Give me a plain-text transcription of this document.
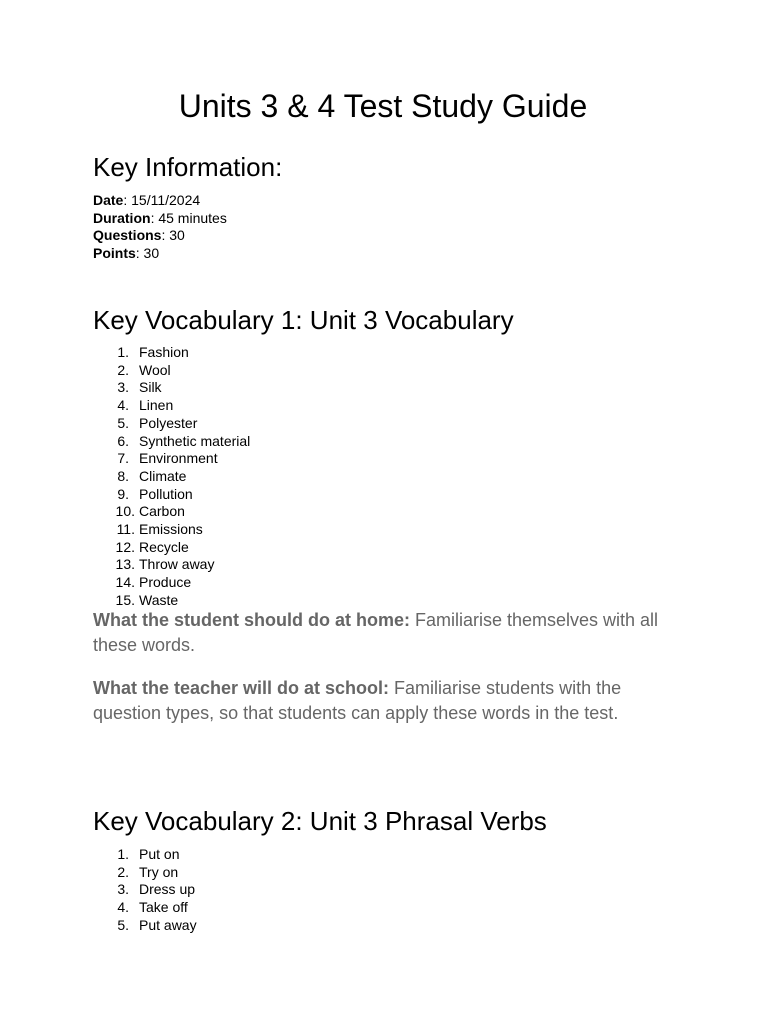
Units 3 & 4 Test Study Guide
Key Information:
Date: 15/11/2024
Duration: 45 minutes
Questions: 30
Points: 30
Key Vocabulary 1: Unit 3 Vocabulary
1. Fashion
2. Wool
3. Silk
4. Linen
5. Polyester
6. Synthetic material
7. Environment
8. Climate
9. Pollution
10. Carbon
11. Emissions
12. Recycle
13. Throw away
14. Produce
15. Waste

What the student should do at home: Familiarise themselves with all these words.

What the teacher will do at school: Familiarise students with the question types, so that students can apply these words in the test.

Key Vocabulary 2: Unit 3 Phrasal Verbs
1. Put on
2. Try on
3. Dress up
4. Take off
5. Put away
